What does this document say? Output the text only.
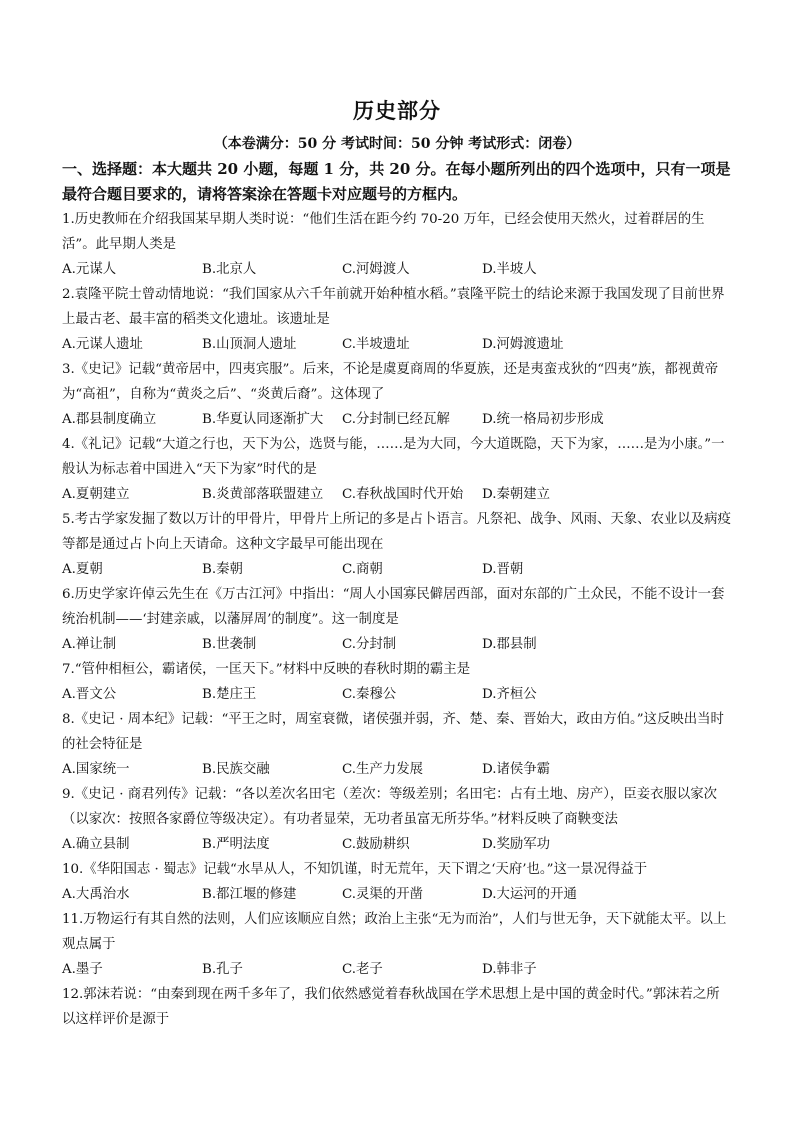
历史部分
（本卷满分：50 分 考试时间：50 分钟 考试形式：闭卷）
一、选择题：本大题共 20 小题，每题 1 分，共 20 分。在每小题所列出的四个选项中，只有一项是最符合题目要求的，请将答案涂在答题卡对应题号的方框内。
1.历史教师在介绍我国某早期人类时说：“他们生活在距今约 70-20 万年，已经会使用天然火，过着群居的生活”。此早期人类是
A.元谋人	B.北京人	C.河姆渡人	D.半坡人
2.袁隆平院士曾动情地说：“我们国家从六千年前就开始种植水稻。”袁隆平院士的结论来源于我国发现了目前世界上最古老、最丰富的稻类文化遗址。该遗址是
A.元谋人遗址	B.山顶洞人遗址	C.半坡遗址	D.河姆渡遗址
3.《史记》记载“黄帝居中，四夷宾服”。后来，不论是虞夏商周的华夏族，还是夷蛮戎狄的“四夷”族，都视黄帝为“高祖”，自称为“黄炎之后”、“炎黄后裔”。这体现了
A.郡县制度确立	B.华夏认同逐渐扩大	C.分封制已经瓦解	D.统一格局初步形成
4.《礼记》记载“大道之行也，天下为公，选贤与能，……是为大同，今大道既隐，天下为家，……是为小康。”一般认为标志着中国进入“天下为家”时代的是
A.夏朝建立	B.炎黄部落联盟建立	C.春秋战国时代开始	D.秦朝建立
5.考古学家发掘了数以万计的甲骨片，甲骨片上所记的多是占卜语言。凡祭祀、战争、风雨、天象、农业以及病疫等都是通过占卜向上天请命。这种文字最早可能出现在
A.夏朝	B.秦朝	C.商朝	D.晋朝
6.历史学家许倬云先生在《万古江河》中指出：“周人小国寡民僻居西部，面对东部的广土众民，不能不设计一套统治机制——‘封建亲戚，以藩屏周’的制度”。这一制度是
A.禅让制	B.世袭制	C.分封制	D.郡县制
7.“管仲相桓公，霸诸侯，一匡天下。”材料中反映的春秋时期的霸主是
A.晋文公	B.楚庄王	C.秦穆公	D.齐桓公
8.《史记 · 周本纪》记载：“平王之时，周室衰微，诸侯强并弱，齐、楚、秦、晋始大，政由方伯。”这反映出当时的社会特征是
A.国家统一	B.民族交融	C.生产力发展	D.诸侯争霸
9.《史记 · 商君列传》记载：“各以差次名田宅（差次：等级差别；名田宅：占有土地、房产），臣妾衣服以家次（以家次：按照各家爵位等级决定）。有功者显荣，无功者虽富无所芬华。”材料反映了商鞅变法
A.确立县制	B.严明法度	C.鼓励耕织	D.奖励军功
10.《华阳国志 · 蜀志》记载“水旱从人，不知饥谨，时无荒年，天下谓之‘天府’也。”这一景况得益于
A.大禹治水	B.都江堰的修建	C.灵渠的开凿	D.大运河的开通
11.万物运行有其自然的法则，人们应该顺应自然；政治上主张“无为而治”，人们与世无争，天下就能太平。以上观点属于
A.墨子	B.孔子	C.老子	D.韩非子
12.郭沫若说：“由秦到现在两千多年了，我们依然感觉着春秋战国在学术思想上是中国的黄金时代。”郭沫若之所以这样评价是源于
